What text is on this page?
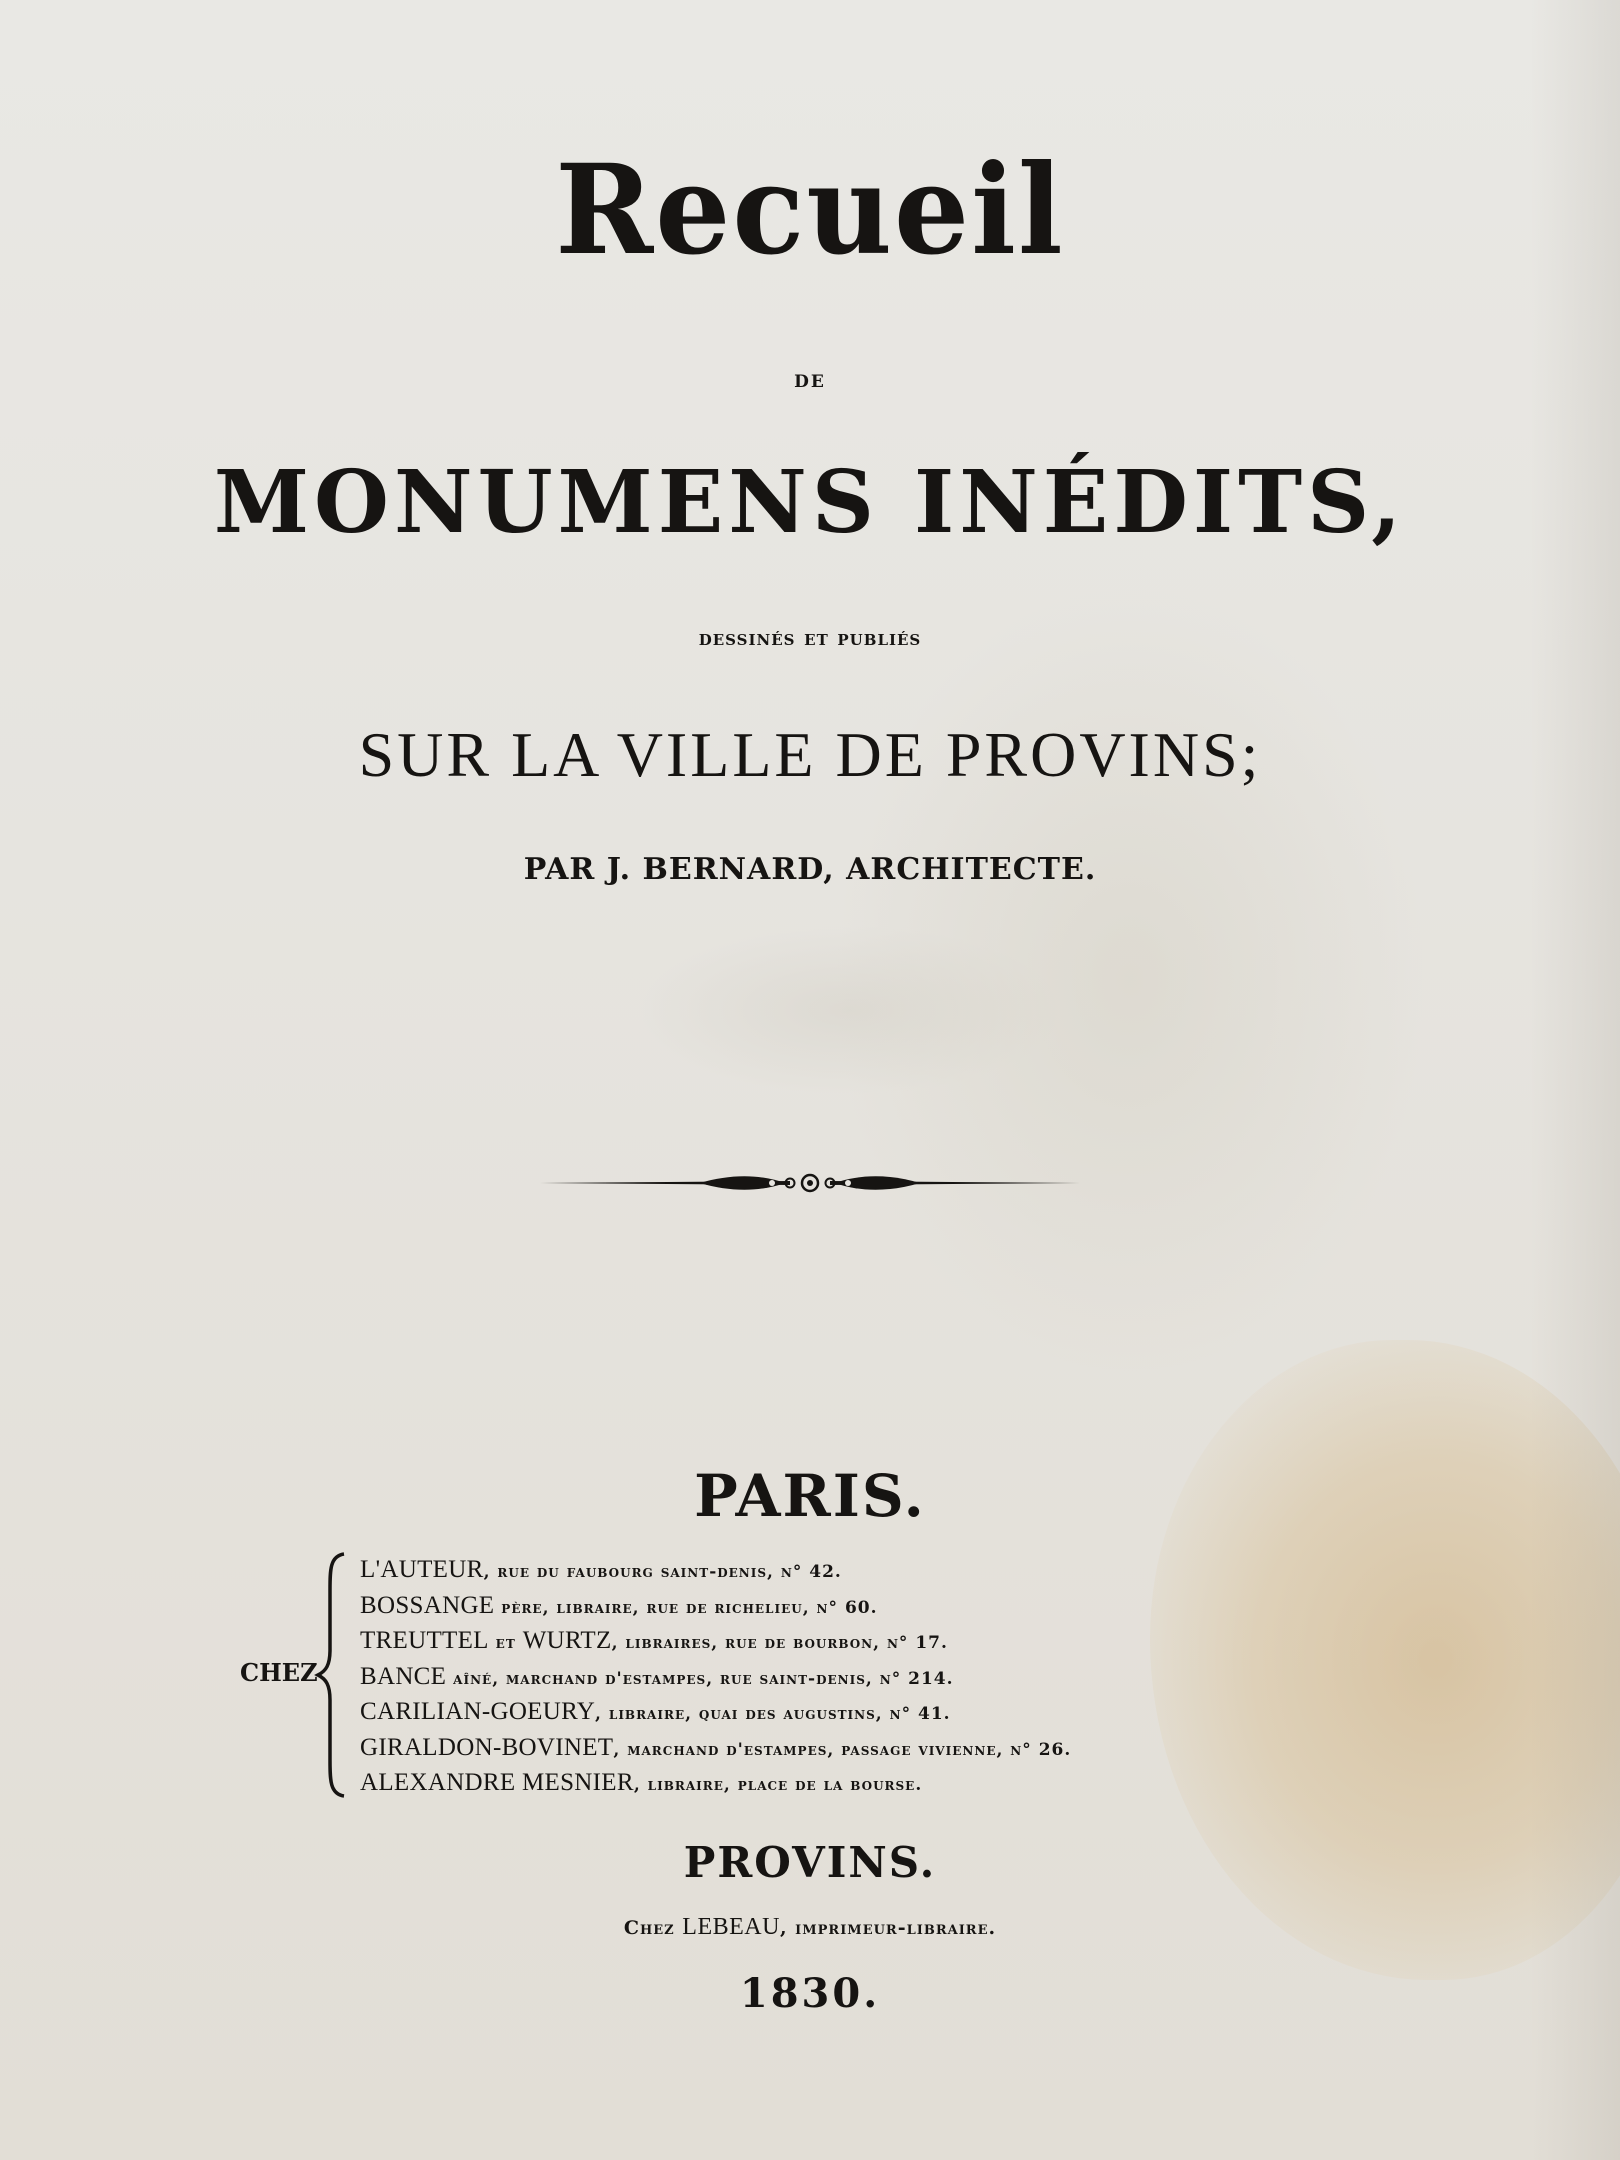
Recueil

de

MONUMENS INÉDITS,

dessinés et publiés

SUR LA VILLE DE PROVINS;

PAR J. BERNARD, ARCHITECTE.

PARIS.

CHEZ
L'AUTEUR, rue du faubourg saint-denis, n° 42.
BOSSANGE père, libraire, rue de richelieu, n° 60.
TREUTTEL et WURTZ, libraires, rue de bourbon, n° 17.
BANCE aîné, marchand d'estampes, rue saint-denis, n° 214.
CARILIAN-GOEURY, libraire, quai des augustins, n° 41.
GIRALDON-BOVINET, marchand d'estampes, passage vivienne, n° 26.
ALEXANDRE MESNIER, libraire, place de la bourse.

PROVINS.

Chez LEBEAU, imprimeur-libraire.

1830.
